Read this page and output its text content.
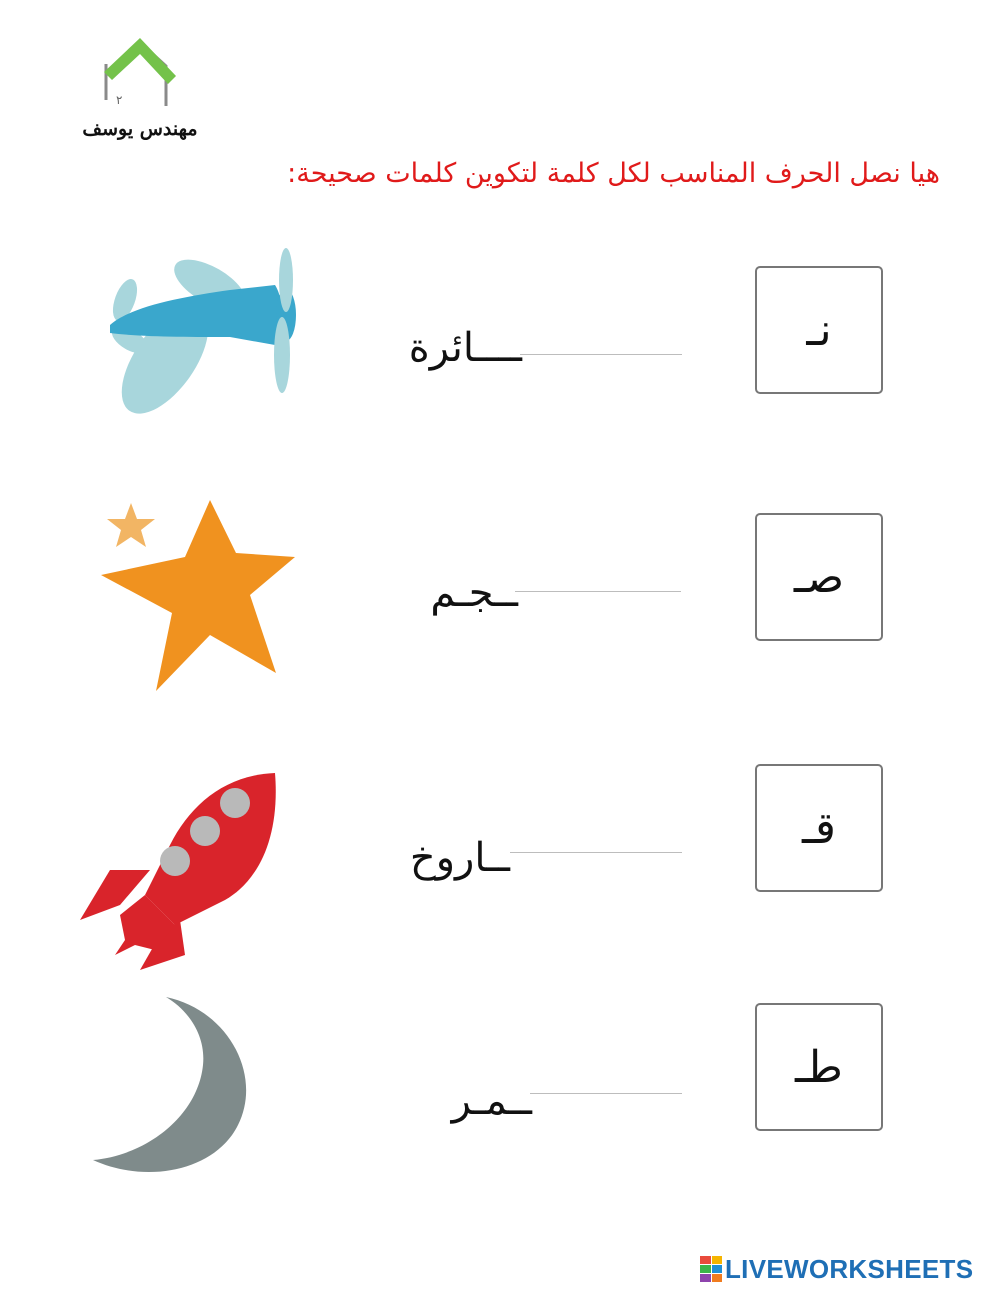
٢
مهندس يوسف
هيا نصل الحرف المناسب لكل كلمة لتكوين كلمات صحيحة:
ــــائرة	نـ
ــجـم	صـ
ــاروخ
قـ
ــمـر
طـ
LIVEWORKSHEETS
